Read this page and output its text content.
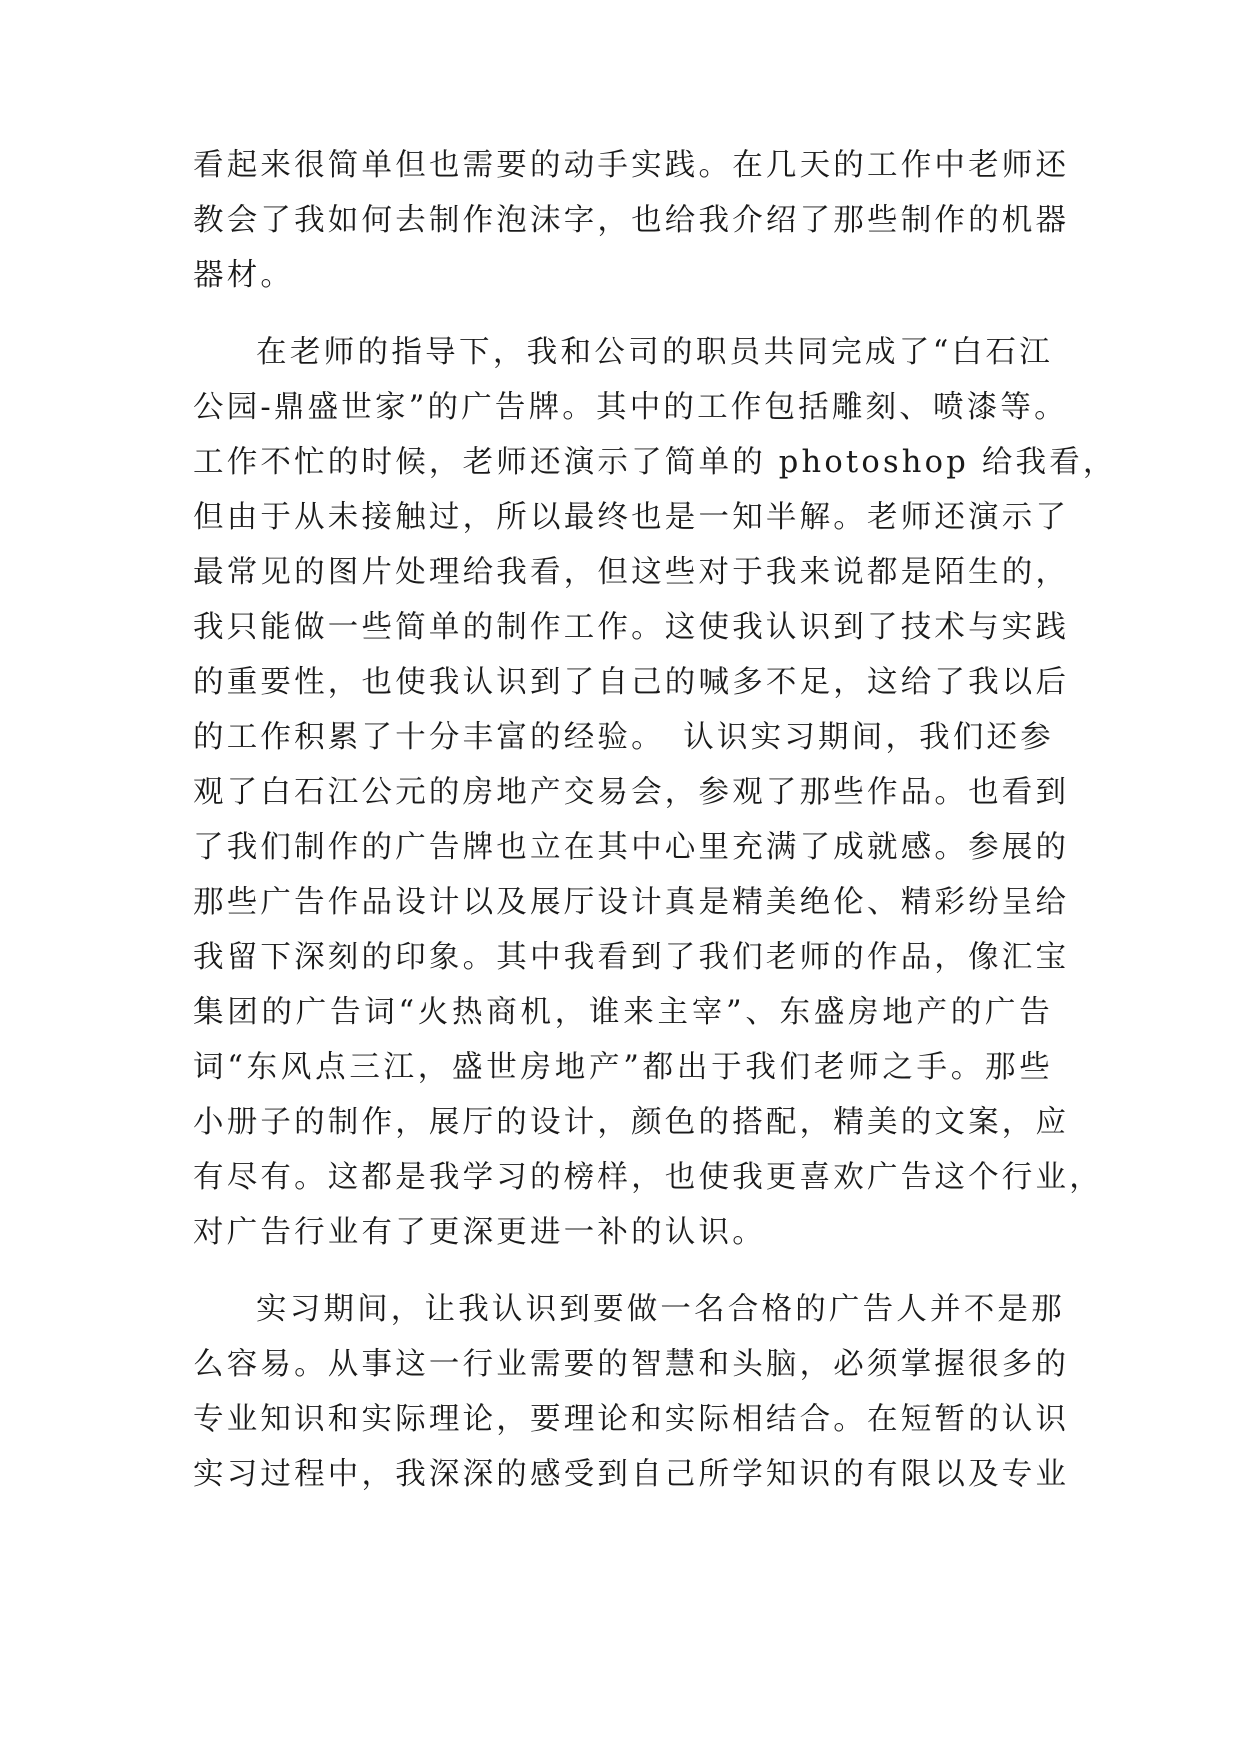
看起来很简单但也需要的动手实践。在几天的工作中老师还

教会了我如何去制作泡沫字，也给我介绍了那些制作的机器

器材。

在老师的指导下，我和公司的职员共同完成了“白石江

公园-鼎盛世家”的广告牌。其中的工作包括雕刻、喷漆等。

工作不忙的时候，老师还演示了简单的 photoshop 给我看，

但由于从未接触过，所以最终也是一知半解。老师还演示了

最常见的图片处理给我看，但这些对于我来说都是陌生的，

我只能做一些简单的制作工作。这使我认识到了技术与实践

的重要性，也使我认识到了自己的喊多不足，这给了我以后

的工作积累了十分丰富的经验。　认识实习期间，我们还参

观了白石江公元的房地产交易会，参观了那些作品。也看到

了我们制作的广告牌也立在其中心里充满了成就感。参展的

那些广告作品设计以及展厅设计真是精美绝伦、精彩纷呈给

我留下深刻的印象。其中我看到了我们老师的作品，像汇宝

集团的广告词“火热商机，谁来主宰”、东盛房地产的广告

词“东风点三江，盛世房地产”都出于我们老师之手。那些

小册子的制作，展厅的设计，颜色的搭配，精美的文案，应

有尽有。这都是我学习的榜样，也使我更喜欢广告这个行业，

对广告行业有了更深更进一补的认识。

实习期间，让我认识到要做一名合格的广告人并不是那

么容易。从事这一行业需要的智慧和头脑，必须掌握很多的

专业知识和实际理论，要理论和实际相结合。在短暂的认识

实习过程中，我深深的感受到自己所学知识的有限以及专业
